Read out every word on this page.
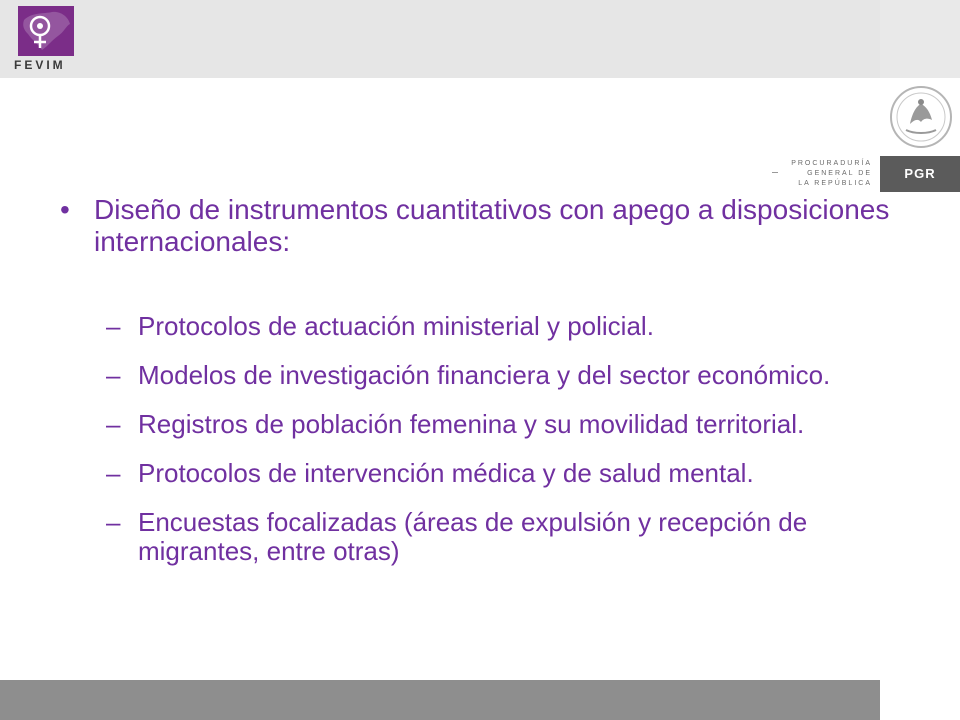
FEVIM
PROCURADURÍA
GENERAL DE
LA REPÚBLICA
PGR

• Diseño de instrumentos cuantitativos con apego a disposiciones internacionales:

– Protocolos de actuación ministerial y policial.
– Modelos de investigación financiera y del sector económico.
– Registros de población femenina y su movilidad territorial.
– Protocolos de intervención médica y de salud mental.
– Encuestas focalizadas (áreas de expulsión y recepción de migrantes, entre otras)
